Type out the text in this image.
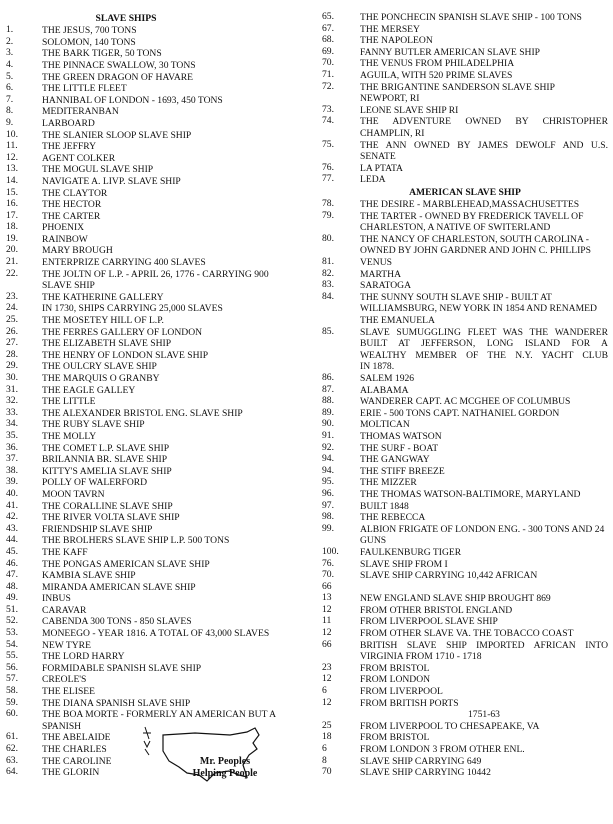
SLAVE SHIPS
1.	THE JESUS, 700 TONS
2.	SOLOMON, 140 TONS
3.	THE BARK TIGER, 50 TONS
4.	THE PINNACE SWALLOW, 30 TONS
5.	THE GREEN DRAGON OF HAVARE
6.	THE LITTLE FLEET
7.	HANNIBAL OF LONDON - 1693, 450 TONS
8.	MEDITERANBAN
9.	LARBOARD
10.	THE SLANIER SLOOP SLAVE SHIP
11.	THE JEFFRY
12.	AGENT COLKER
13.	THE MOGUL SLAVE SHIP
14.	NAVIGATE A. LIVP. SLAVE SHIP
15.	THE CLAYTOR
16.	THE HECTOR
17.	THE CARTER
18.	PHOENIX
19.	RAINBOW
20.	MARY BROUGH
21.	ENTERPRIZE CARRYING 400 SLAVES
22.	THE JOLTN OF L.P. - APRIL 26, 1776 - CARRYING 900
SLAVE SHIP
23.	THE KATHERINE GALLERY
24.	IN 1730, SHIPS CARRYING 25,000 SLAVES
25.	THE MOSETEY HILL OF L.P.
26.	THE FERRES GALLERY OF LONDON
27.	THE ELIZABETH SLAVE SHIP
28.	THE HENRY OF LONDON SLAVE SHIP
29.	THE OULCRY SLAVE SHIP
30.	THE MARQUIS O GRANBY
31.	THE EAGLE GALLEY
32.	THE LITTLE
33.	THE ALEXANDER BRISTOL ENG. SLAVE SHIP
34.	THE RUBY SLAVE SHIP
35.	THE MOLLY
36.	THE COMET L.P. SLAVE SHIP
37.	BRILANNIA BR. SLAVE SHIP
38.	KITTY'S AMELIA SLAVE SHIP
39.	POLLY OF WALERFORD
40.	MOON TAVRN
41.	THE CORALLINE SLAVE SHIP
42.	THE RIVER VOLTA SLAVE SHIP
43.	FRIENDSHIP SLAVE SHIP
44.	THE BROLHERS SLAVE SHIP L.P. 500 TONS
45.	THE KAFF
46.	THE PONGAS AMERICAN SLAVE SHIP
47.	KAMBIA SLAVE SHIP
48.	MIRANDA AMERICAN SLAVE SHIP
49.	INBUS
51.	CARAVAR
52.	CABENDA 300 TONS - 850 SLAVES
53.	MONEEGO - YEAR 1816. A TOTAL OF 43,000 SLAVES
54.	NEW TYRE
55.	THE LORD HARRY
56.	FORMIDABLE SPANISH SLAVE SHIP
57.	CREOLE'S
58.	THE ELISEE
59.	THE DIANA SPANISH SLAVE SHIP
60.	THE BOA MORTE - FORMERLY AN AMERICAN BUT A
SPANISH
61.	THE ABELAIDE
62.	THE CHARLES
63.	THE CAROLINE
64.	THE GLORIN
65.	THE PONCHECIN SPANISH SLAVE SHIP - 100 TONS
67.	THE MERSEY
68.	THE NAPOLEON
69.	FANNY BUTLER AMERICAN SLAVE SHIP
70.	THE VENUS FROM PHILADELPHIA
71.	AGUILA, WITH 520 PRIME SLAVES
72.	THE BRIGANTINE SANDERSON SLAVE SHIP
NEWPORT, RI
73.	LEONE SLAVE SHIP RI
74.	THE ADVENTURE OWNED BY CHRISTOPHER
CHAMPLIN, RI
75.	THE ANN OWNED BY JAMES DEWOLF AND U.S.
SENATE
76.	LA PTATA
77.	LEDA
AMERICAN SLAVE SHIP
78.	THE DESIRE - MARBLEHEAD,MASSACHUSETTES
79.	THE TARTER - OWNED BY FREDERICK TAVELL OF
CHARLESTON, A NATIVE OF SWITERLAND
80.	THE NANCY OF CHARLESTON, SOUTH CAROLINA -
OWNED BY JOHN GARDNER AND JOHN C. PHILLIPS
81.	VENUS
82.	MARTHA
83.	SARATOGA
84.	THE SUNNY SOUTH SLAVE SHIP - BUILT AT
WILLIAMSBURG, NEW YORK IN 1854 AND RENAMED
THE EMANUELA
85.	SLAVE SUMUGGLING FLEET WAS THE WANDERER
BUILT AT JEFFERSON, LONG ISLAND FOR A
WEALTHY MEMBER OF THE N.Y. YACHT CLUB
IN 1878.
86.	SALEM 1926
87.	ALABAMA
88.	WANDERER CAPT. AC MCGHEE OF COLUMBUS
89.	ERIE - 500 TONS CAPT. NATHANIEL GORDON
90.	MOLTICAN
91.	THOMAS WATSON
92.	THE SURF - BOAT
94.	THE GANGWAY
94.	THE STIFF BREEZE
95.	THE MIZZER
96.	THE THOMAS WATSON-BALTIMORE, MARYLAND
97.	BUILT 1848
98.	THE REBECCA
99.	ALBION FRIGATE OF LONDON ENG. - 300 TONS AND 24
GUNS
100.	FAULKENBURG TIGER
76.	SLAVE SHIP FROM I
70.	SLAVE SHIP CARRYING 10,442 AFRICAN
66
13	NEW ENGLAND SLAVE SHIP BROUGHT 869
12	FROM OTHER BRISTOL ENGLAND
11	FROM LIVERPOOL SLAVE SHIP
12	FROM OTHER SLAVE VA. THE TOBACCO COAST
66	BRITISH SLAVE SHIP IMPORTED AFRICAN INTO
VIRGINIA FROM 1710 - 1718
23	FROM BRISTOL
12	FROM LONDON
6	FROM LIVERPOOL
12	FROM BRITISH PORTS
1751-63
25	FROM LIVERPOOL TO CHESAPEAKE, VA
18	FROM BRISTOL
6	FROM LONDON 3 FROM OTHER ENL.
8	SLAVE SHIP CARRYING 649
70	SLAVE SHIP CARRYING 10442
Mr. Peoples
Helping People
